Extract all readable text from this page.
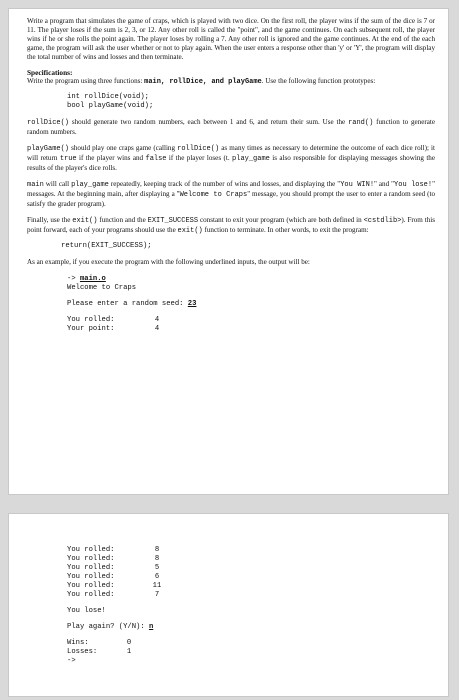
Write a program that simulates the game of craps, which is played with two dice. On the first roll, the player wins if the sum of the dice is 7 or 11. The player loses if the sum is 2, 3, or 12. Any other roll is called the "point", and the game continues. On each subsequent roll, the player wins if he or she rolls the point again. The player loses by rolling a 7. Any other roll is ignored and the game continues. At the end of the each game, the program will ask the user whether or not to play again. When the user enters a response other than 'y' or 'Y', the program will display the total number of wins and losses and then terminate.

Specifications:

Write the program using three functions: main, rollDice, and playGame. Use the following function prototypes:

int rollDice(void);
bool playGame(void);

rollDice() should generate two random numbers, each between 1 and 6, and return their sum. Use the rand() function to generate random numbers.

playGame() should play one craps game (calling rollDice() as many times as necessary to determine the outcome of each dice roll); it will return true if the player wins and false if the player loses (t. play_game is also responsible for displaying messages showing the results of the player's dice rolls.

main will call play_game repeatedly, keeping track of the number of wins and losses, and displaying the "You WIN!" and "You lose!" messages. At the beginning main, after displaying a "Welcome to Craps" message, you should prompt the user to enter a random seed (to satisfy the grader program).

Finally, use the exit() function and the EXIT_SUCCESS constant to exit your program (which are both defined in <cstdlib>). From this point forward, each of your programs should use the exit() function to terminate. In other words, to exit the program:

return(EXIT_SUCCESS);

As an example, if you execute the program with the following underlined inputs, the output will be:

-> main.o
Welcome to Craps
Please enter a random seed: 23
You rolled:	4
Your point:	4
You rolled:	8
You rolled:	8
You rolled:	5
You rolled:	6
You rolled:	11
You rolled:	7
You lose!
Play again? (Y/N): n
Wins:	0
Losses:	1
->
